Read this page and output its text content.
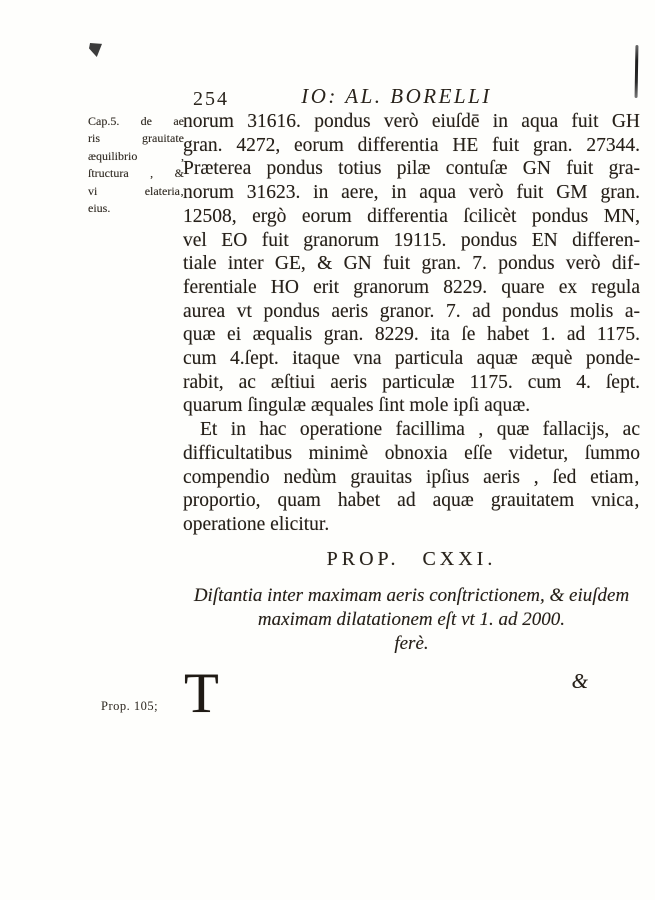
254	IO: AL. BORELLI
Cap.5. de ae
ris grauitate
æquilibrio ,
ſtructura , &
vi elateria‚
eius.
Prop. 105;
norum 31616. pondus verò eiuſdē in aqua fuit GH
gran. 4272, eorum differentia HE fuit gran. 27344.
Præterea pondus totius pilæ contuſæ GN fuit gra-
norum 31623. in aere, in aqua verò fuit GM gran.
12508, ergò eorum differentia ſcilicèt pondus MN,
vel EO fuit granorum 19115. pondus EN differen-
tiale inter GE, & GN fuit gran. 7. pondus verò dif-
ferentiale HO erit granorum 8229. quare ex regula
aurea vt pondus aeris granor. 7. ad pondus molis a-
quæ ei æqualis gran. 8229. ita ſe habet 1. ad 1175.
cum 4.ſept. itaque vna particula aquæ æquè ponde-
rabit, ac æſtiui aeris particulæ 1175. cum 4. ſept.
quarum ſingulæ æquales ſint mole ipſi aquæ.
Et in hac operatione facillima , quæ fallacijs, ac
difficultatibus minimè obnoxia eſſe videtur, ſummo
compendio nedùm grauitas ipſius aeris , ſed etiam‚
proportio, quam habet ad aquæ grauitatem vnica‚
operatione elicitur.
PROP. CXXI.
Diſtantia inter maximam aeris conſtrictionem, & eiuſdem
maximam dilatationem eſt vt 1. ad 2000.
ferè.
T	&
